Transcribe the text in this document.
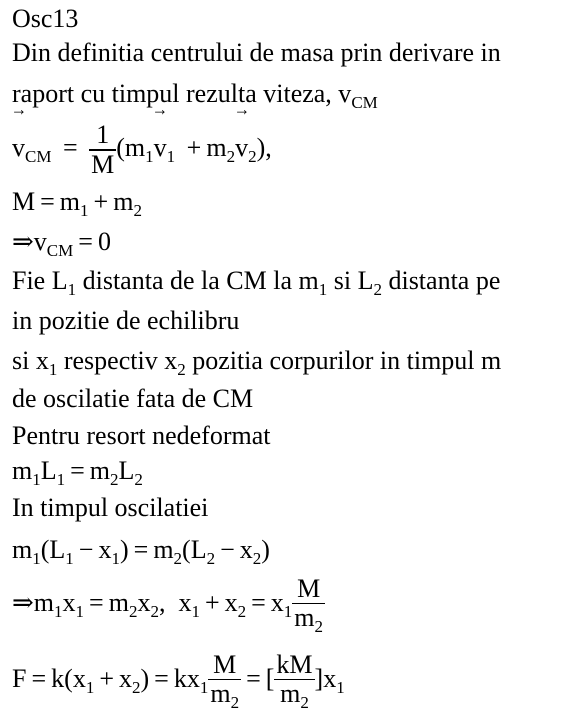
Osc13
Din definitia centrului de masa prin derivare in
raport cu timpul rezulta viteza, $v_{CM}$
→ $v_{CM} = \frac{1}{M} (m_1\to v_1 + m_2\to v_2)$,
$M = m_1 + m_2$
$\Rightarrow v_{CM} = 0$
Fie $L_1$ distanta de la CM la $m_1$ si $L_2$ distanta pe
in pozitie de echilibru
si $x_1$ respectiv $x_2$ pozitia corpurilor in timpul m
de oscilatie fata de CM
Pentru resort nedeformat
$m_1L_1 = m_2L_2$
In timpul oscilatiei
$m_1(L_1 - x_1) = m_2(L_2 - x_2)$
$\Rightarrow m_1x_1 = m_2x_2$, $x_1 + x_2 = x_1 \frac{M}{m_2}$
$F = k(x_1 + x_2) = kx_1 \frac{M}{m_2}$ = [ $\frac{kM}{m_2} ]x_1$
